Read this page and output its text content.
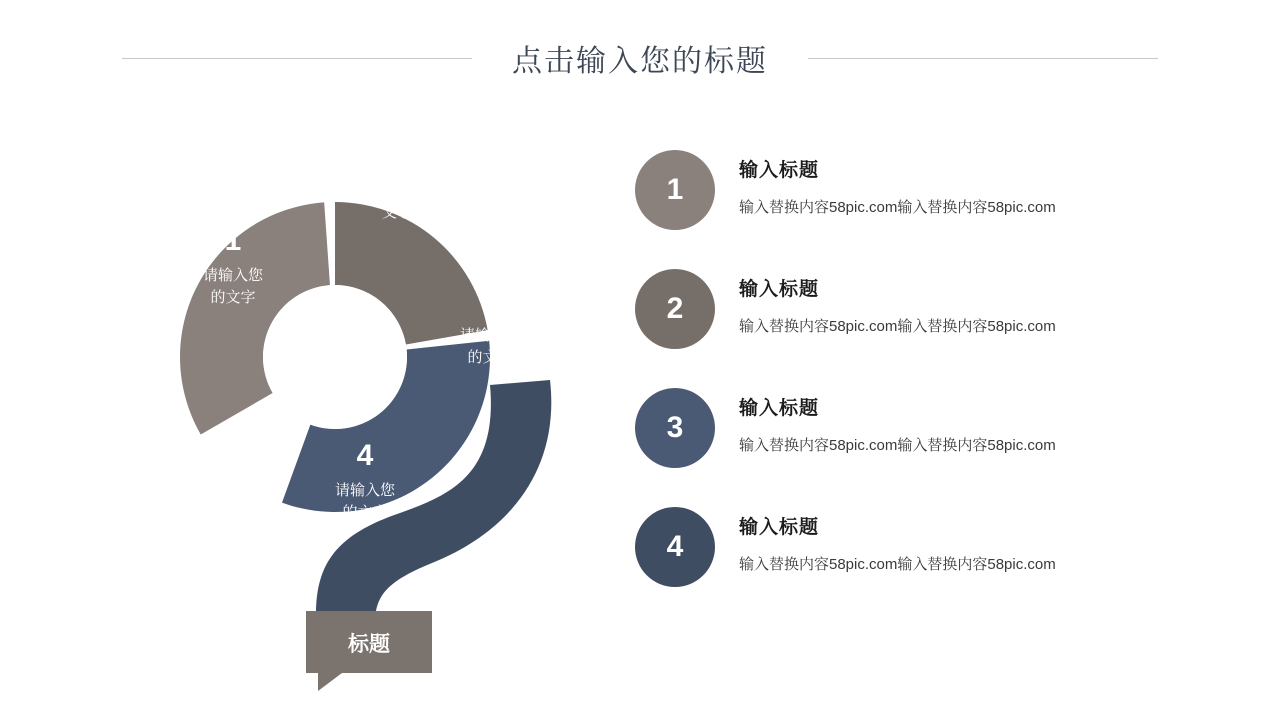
点击输入您的标题
1
请输入您
的文字
2
请输入您的
文字
3
请输入您
的文字
4
请输入您
的文字
标题
1
输入标题
输入替换内容58pic.com输入替换内容58pic.com
2
输入标题
输入替换内容58pic.com输入替换内容58pic.com
3
输入标题
输入替换内容58pic.com输入替换内容58pic.com
4
输入标题
输入替换内容58pic.com输入替换内容58pic.com
